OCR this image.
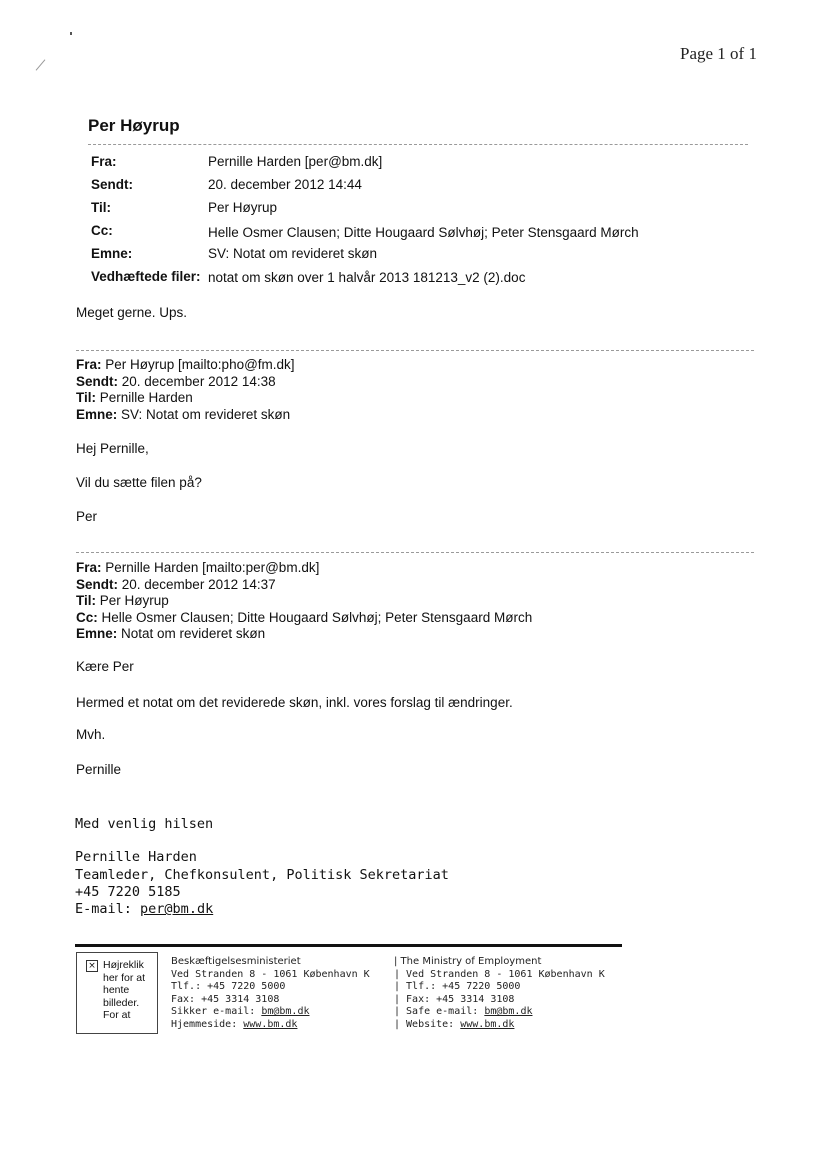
Page 1 of 1
Per Høyrup
Fra:	Pernille Harden [per@bm.dk]
Sendt:	20. december 2012 14:44
Til:	Per Høyrup
Cc:	Helle Osmer Clausen; Ditte Hougaard Sølvhøj; Peter Stensgaard Mørch
Emne:	SV: Notat om revideret skøn
Vedhæftede filer: notat om skøn over 1 halvår 2013 181213_v2 (2).doc
Meget gerne. Ups.
Fra: Per Høyrup [mailto:pho@fm.dk]
Sendt: 20. december 2012 14:38
Til: Pernille Harden
Emne: SV: Notat om revideret skøn
Hej Pernille,
Vil du sætte filen på?
Per
Fra: Pernille Harden [mailto:per@bm.dk]
Sendt: 20. december 2012 14:37
Til: Per Høyrup
Cc: Helle Osmer Clausen; Ditte Hougaard Sølvhøj; Peter Stensgaard Mørch
Emne: Notat om revideret skøn
Kære Per
Hermed et notat om det reviderede skøn, inkl. vores forslag til ændringer.
Mvh.
Pernille
Med venlig hilsen
Pernille Harden
Teamleder, Chefkonsulent, Politisk Sekretariat
+45 7220 5185
E-mail: per@bm.dk
× Højreklik her for at hente billeder. For at
Beskæftigelsesministeriet
Ved Stranden 8 - 1061 København K
Tlf.: +45 7220 5000
Fax: +45 3314 3108
Sikker e-mail: bm@bm.dk
Hjemmeside: www.bm.dk
| The Ministry of Employment
| Ved Stranden 8 - 1061 København K
| Tlf.: +45 7220 5000
| Fax: +45 3314 3108
| Safe e-mail: bm@bm.dk
| Website: www.bm.dk
